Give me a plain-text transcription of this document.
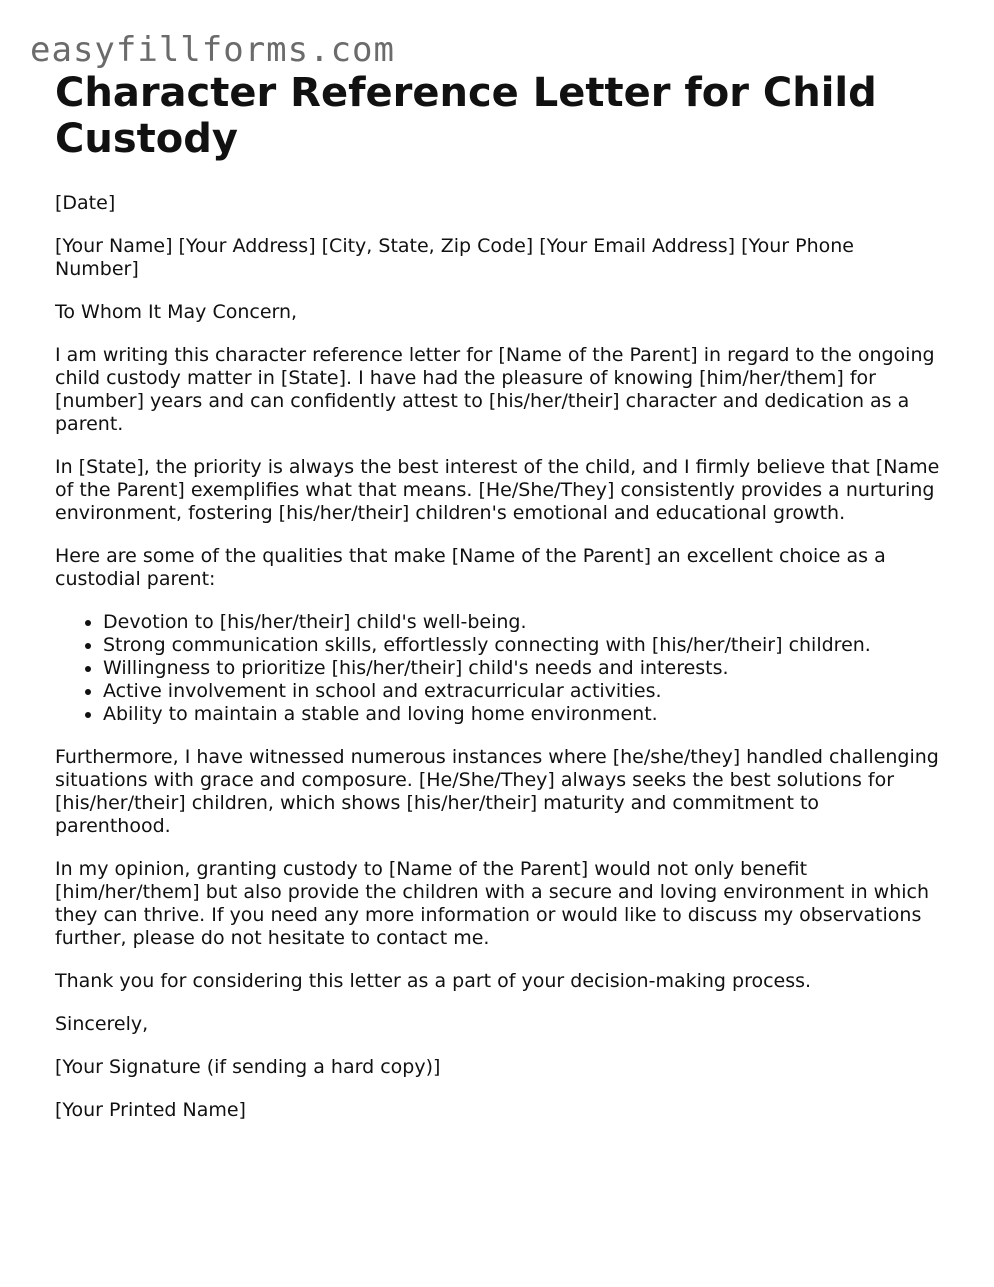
easyfillforms.com
Character Reference Letter for Child Custody

[Date]

[Your Name] [Your Address] [City, State, Zip Code] [Your Email Address] [Your Phone Number]

To Whom It May Concern,

I am writing this character reference letter for [Name of the Parent] in regard to the ongoing child custody matter in [State]. I have had the pleasure of knowing [him/her/them] for [number] years and can confidently attest to [his/her/their] character and dedication as a parent.

In [State], the priority is always the best interest of the child, and I firmly believe that [Name of the Parent] exemplifies what that means. [He/She/They] consistently provides a nurturing environment, fostering [his/her/their] children's emotional and educational growth.

Here are some of the qualities that make [Name of the Parent] an excellent choice as a custodial parent:

• Devotion to [his/her/their] child's well-being.
• Strong communication skills, effortlessly connecting with [his/her/their] children.
• Willingness to prioritize [his/her/their] child's needs and interests.
• Active involvement in school and extracurricular activities.
• Ability to maintain a stable and loving home environment.

Furthermore, I have witnessed numerous instances where [he/she/they] handled challenging situations with grace and composure. [He/She/They] always seeks the best solutions for [his/her/their] children, which shows [his/her/their] maturity and commitment to parenthood.

In my opinion, granting custody to [Name of the Parent] would not only benefit [him/her/them] but also provide the children with a secure and loving environment in which they can thrive. If you need any more information or would like to discuss my observations further, please do not hesitate to contact me.

Thank you for considering this letter as a part of your decision-making process.

Sincerely,

[Your Signature (if sending a hard copy)]

[Your Printed Name]
